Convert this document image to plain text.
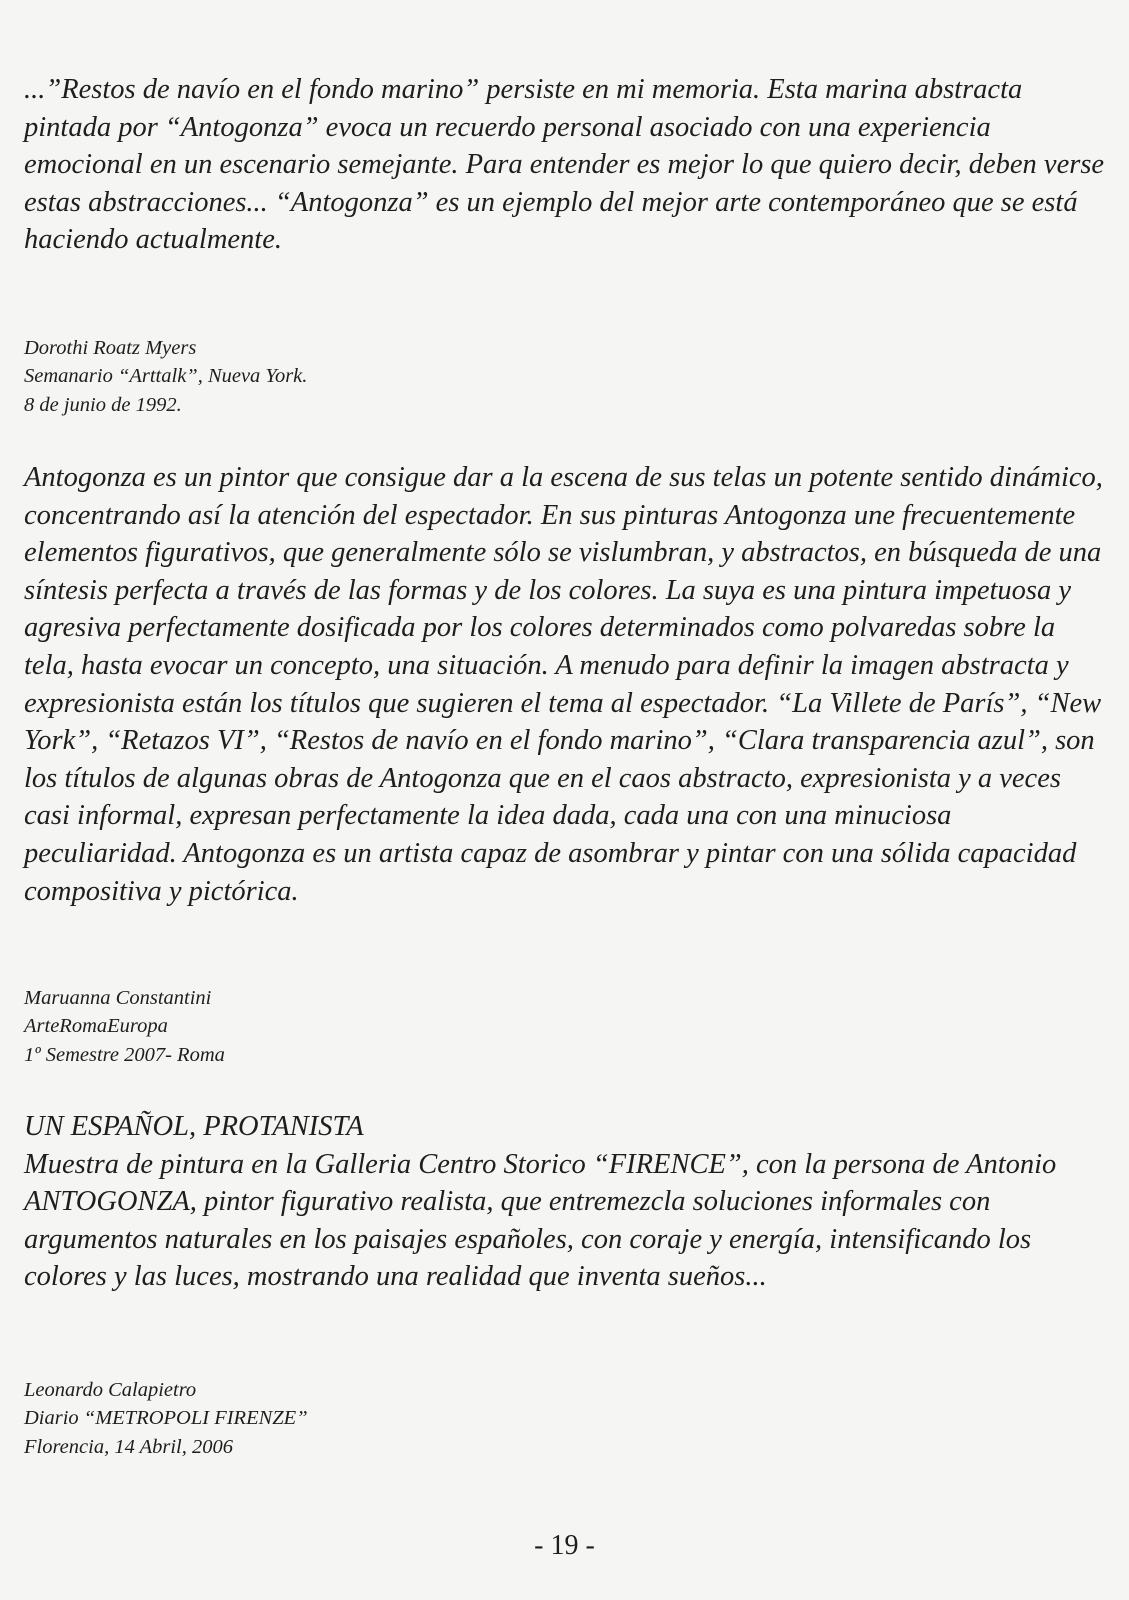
...”Restos de navío en el fondo marino” persiste en mi memoria. Esta marina abstracta pintada por “Antogonza” evoca un recuerdo personal asociado con una experiencia emocional en un escenario semejante. Para entender es mejor lo que quiero decir, deben verse estas abstracciones... “Antogonza” es un ejemplo del mejor arte contemporáneo que se está haciendo actualmente.

Dorothi Roatz Myers
Semanario “Arttalk”, Nueva York.
8 de junio de 1992.

Antogonza es un pintor que consigue dar a la escena de sus telas un potente sentido dinámico, concentrando así la atención del espectador. En sus pinturas Antogonza une frecuentemente elementos figurativos, que generalmente sólo se vislumbran, y abstractos, en búsqueda de una síntesis perfecta a través de las formas y de los colores. La suya es una pintura impetuosa y agresiva perfectamente dosificada por los colores determinados como polvaredas sobre la tela, hasta evocar un concepto, una situación. A menudo para definir la imagen abstracta y expresionista están los títulos que sugieren el tema al espectador. “La Villete de París”, “New York”, “Retazos VI”, “Restos de navío en el fondo marino”, “Clara transparencia azul”, son los títulos de algunas obras de Antogonza que en el caos abstracto, expresionista y a veces casi informal, expresan perfectamente la idea dada, cada una con una minuciosa peculiaridad. Antogonza es un artista capaz de asombrar y pintar con una sólida capacidad compositiva y pictórica.

Maruanna Constantini
ArteRomaEuropa
1º Semestre 2007- Roma
UN ESPAÑOL, PROTANISTA

Muestra de pintura en la Galleria Centro Storico “FIRENCE”, con la persona de Antonio ANTOGONZA, pintor figurativo realista, que entremezcla soluciones informales con argumentos naturales en los paisajes españoles, con coraje y energía, intensificando los colores y las luces, mostrando una realidad que inventa sueños...

Leonardo Calapietro
Diario “METROPOLI FIRENZE”
Florencia, 14 Abril, 2006
- 19 -
